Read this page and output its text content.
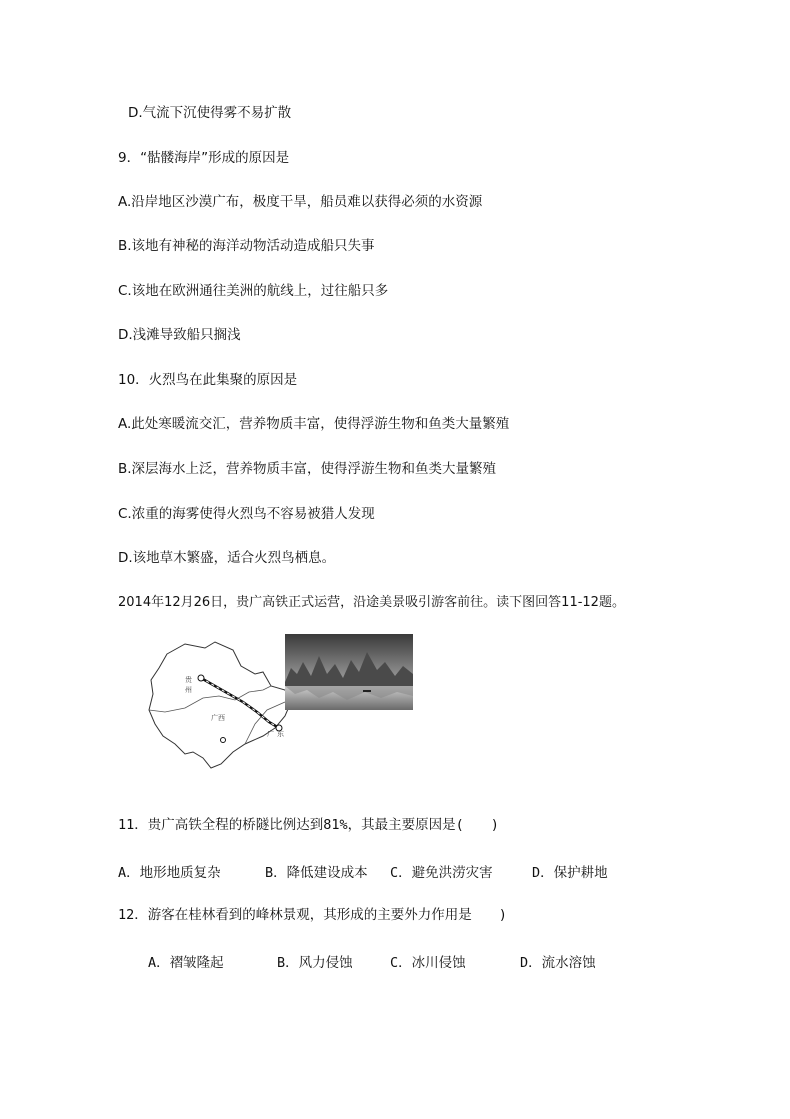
D.气流下沉使得雾不易扩散
9．“骷髅海岸”形成的原因是
A.沿岸地区沙漠广布，极度干旱，船员难以获得必须的水资源
B.该地有神秘的海洋动物活动造成船只失事
C.该地在欧洲通往美洲的航线上，过往船只多
D.浅滩导致船只搁浅
10．火烈鸟在此集聚的原因是
A.此处寒暖流交汇，营养物质丰富，使得浮游生物和鱼类大量繁殖
B.深层海水上泛，营养物质丰富，使得浮游生物和鱼类大量繁殖
C.浓重的海雾使得火烈鸟不容易被猎人发现
D.该地草木繁盛，适合火烈鸟栖息。
2014年12月26日，贵广高铁正式运营，沿途美景吸引游客前往。读下图回答11-12题。
贵
州
广西
广 东
11．贵广高铁全程的桥隧比例达到81%，其最主要原因是(　　)
A．地形地质复杂	B．降低建设成本 C．避免洪涝灾害	D．保护耕地
12．游客在桂林看到的峰林景观，其形成的主要外力作用是　　)
A．褶皱隆起	B．风力侵蚀	C．冰川侵蚀	D．流水溶蚀
